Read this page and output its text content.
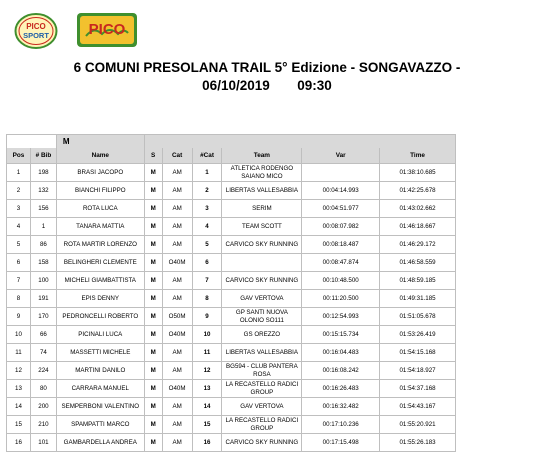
PICO
SPORT	PICO
6 COMUNI PRESOLANA TRAIL 5° Edizione - SONGAVAZZO -
06/10/2019 09:30
		M						
Pos	# Bib	Name	S	Cat	#Cat	Team	Var	Time
1	198	BRASI JACOPO	M	AM	1	ATLETICA RODENGO SAIANO MICO		01:38:10.685
2	132	BIANCHI FILIPPO	M	AM	2	LIBERTAS VALLESABBIA	00:04:14.993	01:42:25.678
3	156	ROTA LUCA	M	AM	3	SERIM	00:04:51.977	01:43:02.662
4	1	TANARA MATTIA	M	AM	4	TEAM SCOTT	00:08:07.982	01:46:18.667
5	86	ROTA MARTIR LORENZO	M	AM	5	CARVICO SKY RUNNING	00:08:18.487	01:46:29.172
6	158	BELINGHERI CLEMENTE	M	O40M	6		00:08:47.874	01:46:58.559
7	100	MICHELI GIAMBATTISTA	M	AM	7	CARVICO SKY RUNNING	00:10:48.500	01:48:59.185
8	191	EPIS DENNY	M	AM	8	GAV VERTOVA	00:11:20.500	01:49:31.185
9	170	PEDRONCELLI ROBERTO	M	O50M	9	GP SANTI NUOVA OLONIO SO111	00:12:54.993	01:51:05.678
10	66	PICINALI LUCA	M	O40M	10	GS OREZZO	00:15:15.734	01:53:26.419
11	74	MASSETTI MICHELE	M	AM	11	LIBERTAS VALLESABBIA	00:16:04.483	01:54:15.168
12	224	MARTINI DANILO	M	AM	12	BG594 - CLUB PANTERA ROSA	00:16:08.242	01:54:18.927
13	80	CARRARA MANUEL	M	O40M	13	LA RECASTELLO RADICI GROUP	00:16:26.483	01:54:37.168
14	200	SEMPERBONI VALENTINO	M	AM	14	GAV VERTOVA	00:16:32.482	01:54:43.167
15	210	SPAMPATTI MARCO	M	AM	15	LA RECASTELLO RADICI GROUP	00:17:10.236	01:55:20.921
16	101	GAMBARDELLA ANDREA	M	AM	16	CARVICO SKY RUNNING	00:17:15.498	01:55:26.183
